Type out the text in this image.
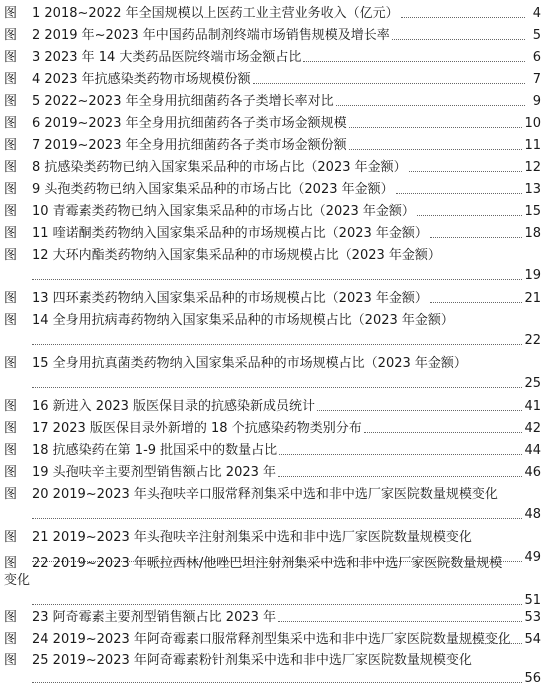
图 1 2018~2022 年全国规模以上医药工业主营业务收入（亿元）	4
图 2 2019 年~2023 年中国药品制剂终端市场销售规模及增长率	5
图 3 2023 年 14 大类药品医院终端市场金额占比	6
图 4 2023 年抗感染类药物市场规模份额	7
图 5 2022~2023 年全身用抗细菌药各子类增长率对比	9
图 6 2019~2023 年全身用抗细菌药各子类市场金额规模	10
图 7 2019~2023 年全身用抗细菌药各子类市场金额份额	11
图 8 抗感染类药物已纳入国家集采品种的市场占比（2023 年金额）	12
图 9 头孢类药物已纳入国家集采品种的市场占比（2023 年金额）	13
图 10 青霉素类药物已纳入国家集采品种的市场占比（2023 年金额）	15
图 11 喹诺酮类药物纳入国家集采品种的市场规模占比（2023 年金额）	18
图 12 大环内酯类药物纳入国家集采品种的市场规模占比（2023 年金额）
19
图 13 四环素类药物纳入国家集采品种的市场规模占比（2023 年金额）	21
图 14 全身用抗病毒药物纳入国家集采品种的市场规模占比（2023 年金额）
22
图 15 全身用抗真菌类药物纳入国家集采品种的市场规模占比（2023 年金额）
25
图 16 新进入 2023 版医保目录的抗感染新成员统计	41
图 17 2023 版医保目录外新增的 18 个抗感染药物类别分布	42
图 18 抗感染药在第 1-9 批国采中的数量占比	44
图 19 头孢呋辛主要剂型销售额占比 2023 年	46
图 20 2019~2023 年头孢呋辛口服常释剂集采中选和非中选厂家医院数量规模变化
48
图 21 2019~2023 年头孢呋辛注射剂集采中选和非中选厂家医院数量规模变化
49
图 22 2019~2023 年哌拉西林/他唑巴坦注射剂集采中选和非中选厂家医院数量规模变化
51
图 23 阿奇霉素主要剂型销售额占比 2023 年	53
图 24 2019~2023 年阿奇霉素口服常释剂型集采中选和非中选厂家医院数量规模变化 54
图 25 2019~2023 年阿奇霉素粉针剂集采中选和非中选厂家医院数量规模变化
56
